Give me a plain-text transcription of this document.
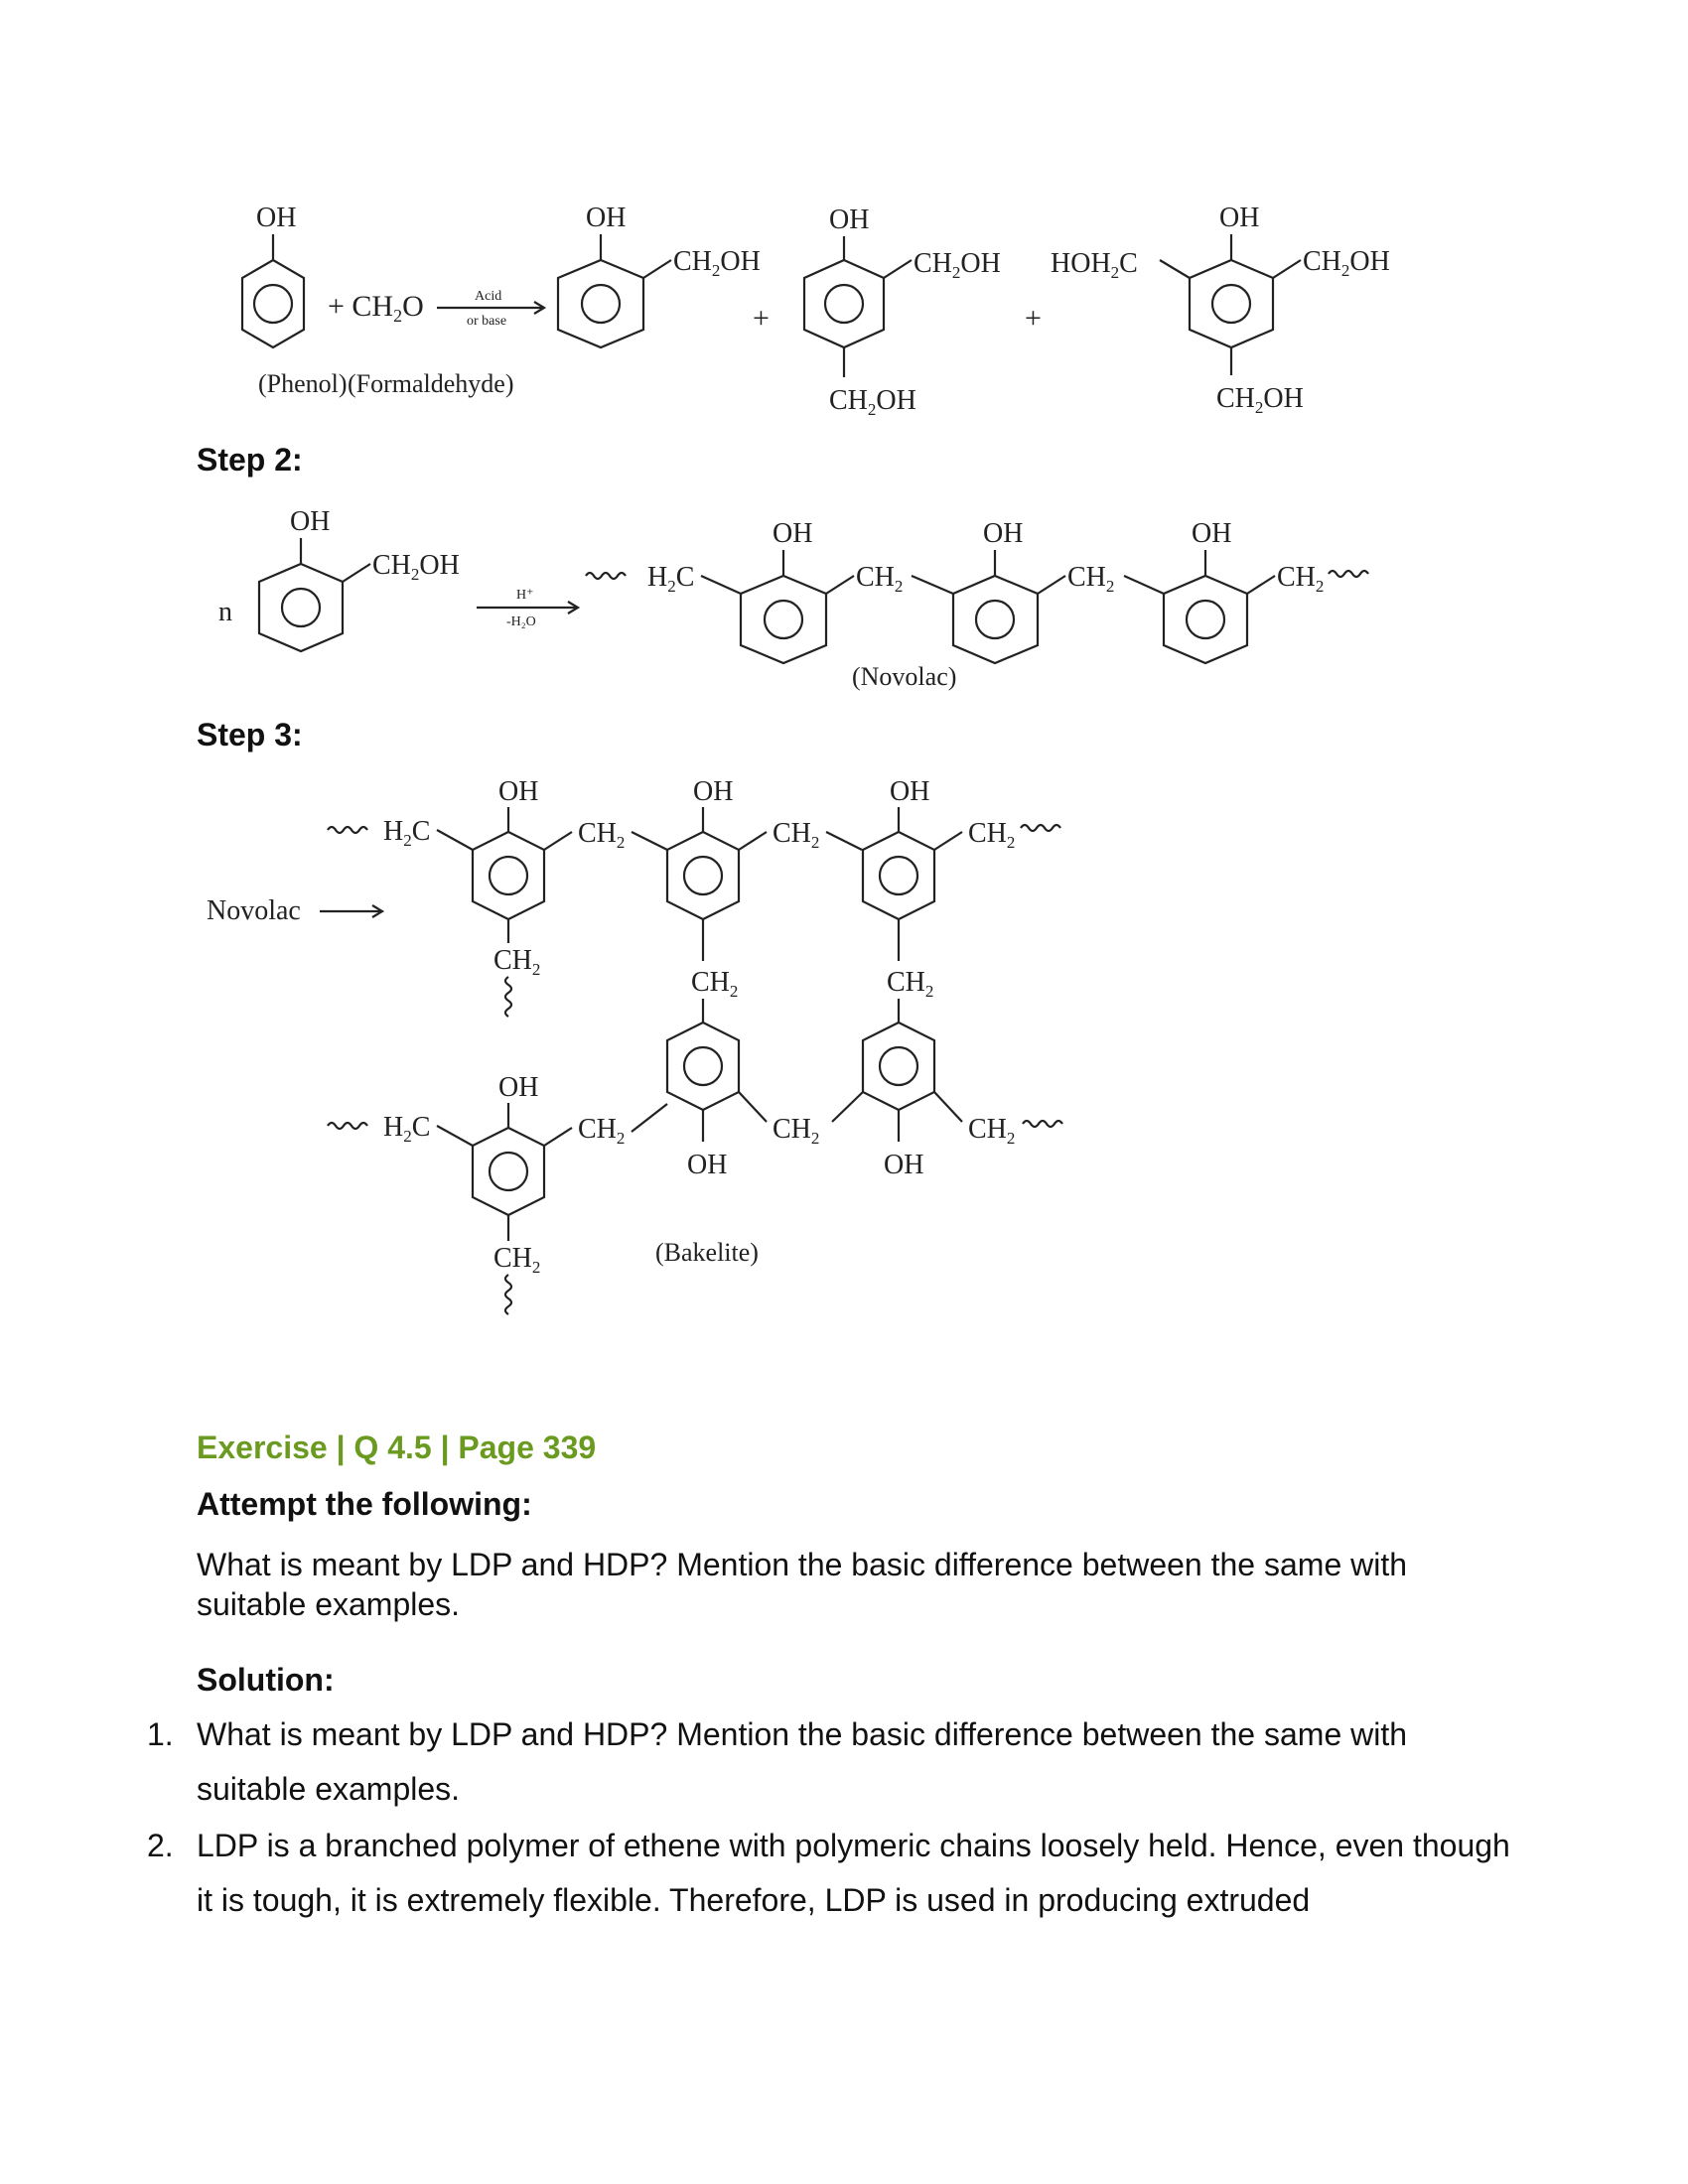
OH
(Phenol)
+ $CH_2O$
(Formaldehyde)
Acid
or base
OH
$CH_2OH$
+
OH
$CH_2OH$
$CH_2OH$
+
$HOH_2C$
OH
$CH_2OH$
$CH_2OH$
Step 2:
n
OH
$CH_2OH$
H⁺
-H₂O
$H_2C$
OH
$CH_2$
OH
$CH_2$
OH
$CH_2$
(Novolac)
Step 3:
Novolac
$H_2C$
OH
$CH_2$
OH
$CH_2$
OH
$CH_2$
$CH_2$	$CH_2$	$CH_2$
$H_2C$
OH
$CH_2$
$CH_2$
OH
$CH_2$
OH
$CH_2$
(Bakelite)
Exercise | Q 4.5 | Page 339
Attempt the following:
What is meant by LDP and HDP? Mention the basic difference between the same with suitable examples.
Solution:
1. What is meant by LDP and HDP? Mention the basic difference between the same with suitable examples.
2. LDP is a branched polymer of ethene with polymeric chains loosely held. Hence, even though it is tough, it is extremely flexible. Therefore, LDP is used in producing extruded
